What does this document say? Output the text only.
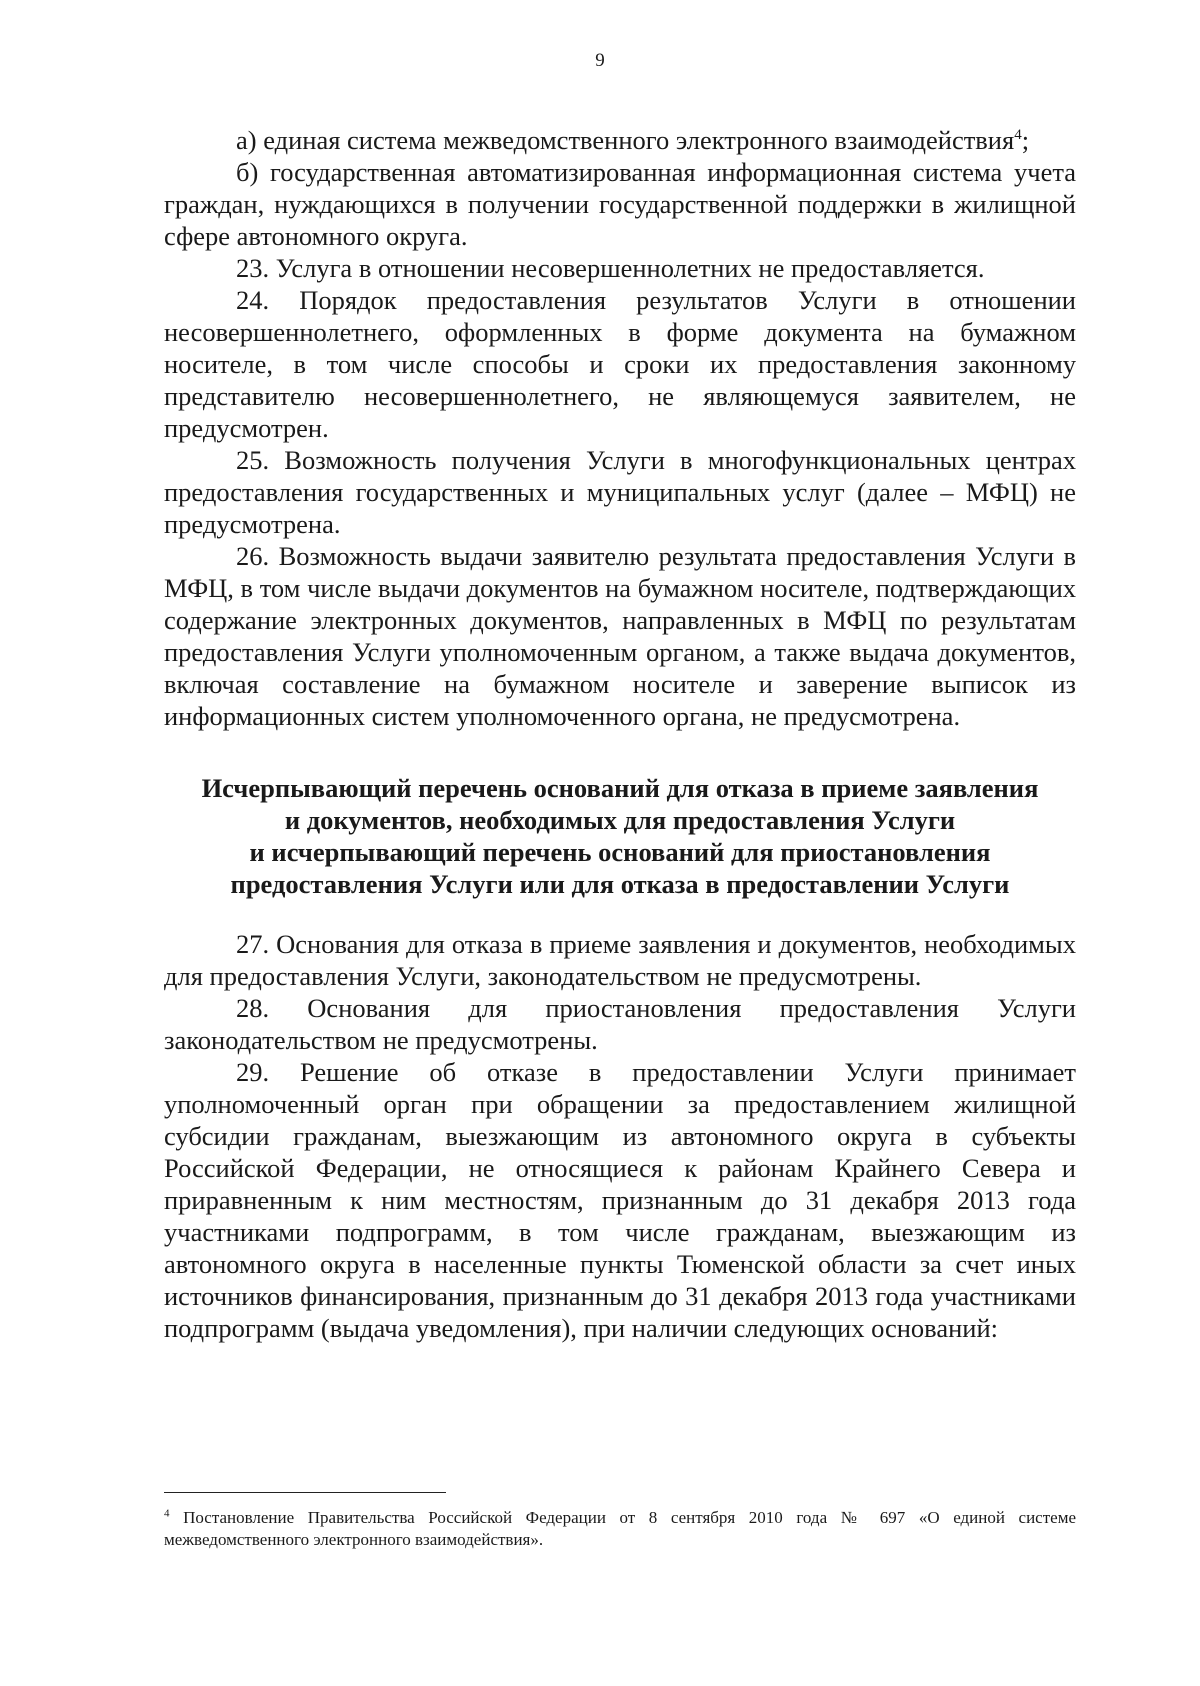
9

а) единая система межведомственного электронного взаимодействия$^4$;

б) государственная автоматизированная информационная система учета граждан, нуждающихся в получении государственной поддержки в жилищной сфере автономного округа.

23. Услуга в отношении несовершеннолетних не предоставляется.

24. Порядок предоставления результатов Услуги в отношении несовершеннолетнего, оформленных в форме документа на бумажном носителе, в том числе способы и сроки их предоставления законному представителю несовершеннолетнего, не являющемуся заявителем, не предусмотрен.

25. Возможность получения Услуги в многофункциональных центрах предоставления государственных и муниципальных услуг (далее – МФЦ) не предусмотрена.

26. Возможность выдачи заявителю результата предоставления Услуги в МФЦ, в том числе выдачи документов на бумажном носителе, подтверждающих содержание электронных документов, направленных в МФЦ по результатам предоставления Услуги уполномоченным органом, а также выдача документов, включая составление на бумажном носителе и заверение выписок из информационных систем уполномоченного органа, не предусмотрена.

Исчерпывающий перечень оснований для отказа в приеме заявления
и документов, необходимых для предоставления Услуги
и исчерпывающий перечень оснований для приостановления
предоставления Услуги или для отказа в предоставлении Услуги

27. Основания для отказа в приеме заявления и документов, необходимых для предоставления Услуги, законодательством не предусмотрены.

28. Основания для приостановления предоставления Услуги законодательством не предусмотрены.

29. Решение об отказе в предоставлении Услуги принимает уполномоченный орган при обращении за предоставлением жилищной субсидии гражданам, выезжающим из автономного округа в субъекты Российской Федерации, не относящиеся к районам Крайнего Севера и приравненным к ним местностям, признанным до 31 декабря 2013 года участниками подпрограмм, в том числе гражданам, выезжающим из автономного округа в населенные пункты Тюменской области за счет иных источников финансирования, признанным до 31 декабря 2013 года участниками подпрограмм (выдача уведомления), при наличии следующих оснований:

$^4$ Постановление Правительства Российской Федерации от 8 сентября 2010 года № 697 «О единой системе межведомственного электронного взаимодействия».
